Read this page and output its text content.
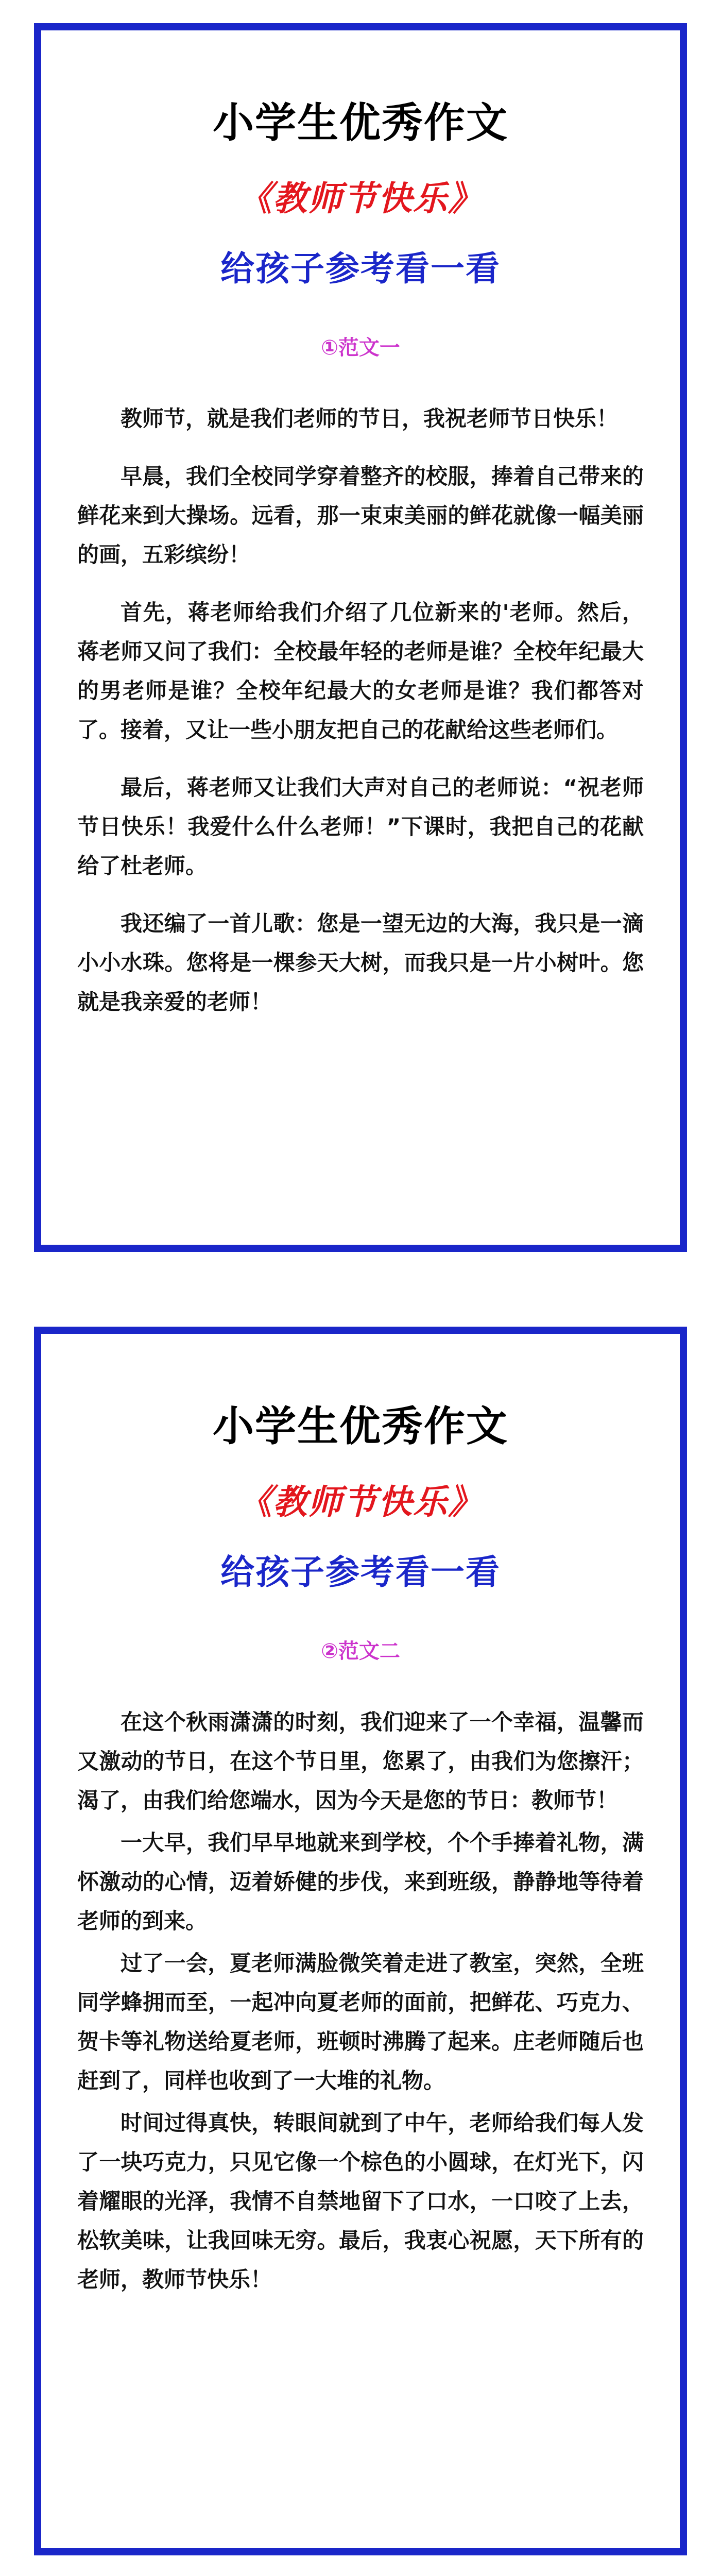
小学生优秀作文
《教师节快乐》
给孩子参考看一看
①范文一

教师节，就是我们老师的节日，我祝老师节日快乐！

早晨，我们全校同学穿着整齐的校服，捧着自己带来的鲜花来到大操场。远看，那一束束美丽的鲜花就像一幅美丽的画，五彩缤纷！

首先，蒋老师给我们介绍了几位新来的'老师。然后，蒋老师又问了我们：全校最年轻的老师是谁？全校年纪最大的男老师是谁？全校年纪最大的女老师是谁？我们都答对了。接着，又让一些小朋友把自己的花献给这些老师们。

最后，蒋老师又让我们大声对自己的老师说：“祝老师节日快乐！我爱什么什么老师！”下课时，我把自己的花献给了杜老师。

我还编了一首儿歌：您是一望无边的大海，我只是一滴小小水珠。您将是一棵参天大树，而我只是一片小树叶。您就是我亲爱的老师！

小学生优秀作文
《教师节快乐》
给孩子参考看一看
②范文二

在这个秋雨潇潇的时刻，我们迎来了一个幸福，温馨而又激动的节日，在这个节日里，您累了，由我们为您擦汗；渴了，由我们给您端水，因为今天是您的节日：教师节！

一大早，我们早早地就来到学校，个个手捧着礼物，满怀激动的心情，迈着娇健的步伐，来到班级，静静地等待着老师的到来。

过了一会，夏老师满脸微笑着走进了教室，突然，全班同学蜂拥而至，一起冲向夏老师的面前，把鲜花、巧克力、贺卡等礼物送给夏老师，班顿时沸腾了起来。庄老师随后也赶到了，同样也收到了一大堆的礼物。

时间过得真快，转眼间就到了中午，老师给我们每人发了一块巧克力，只见它像一个棕色的小圆球，在灯光下，闪着耀眼的光泽，我情不自禁地留下了口水，一口咬了上去，松软美味，让我回味无穷。最后，我衷心祝愿，天下所有的老师，教师节快乐！
